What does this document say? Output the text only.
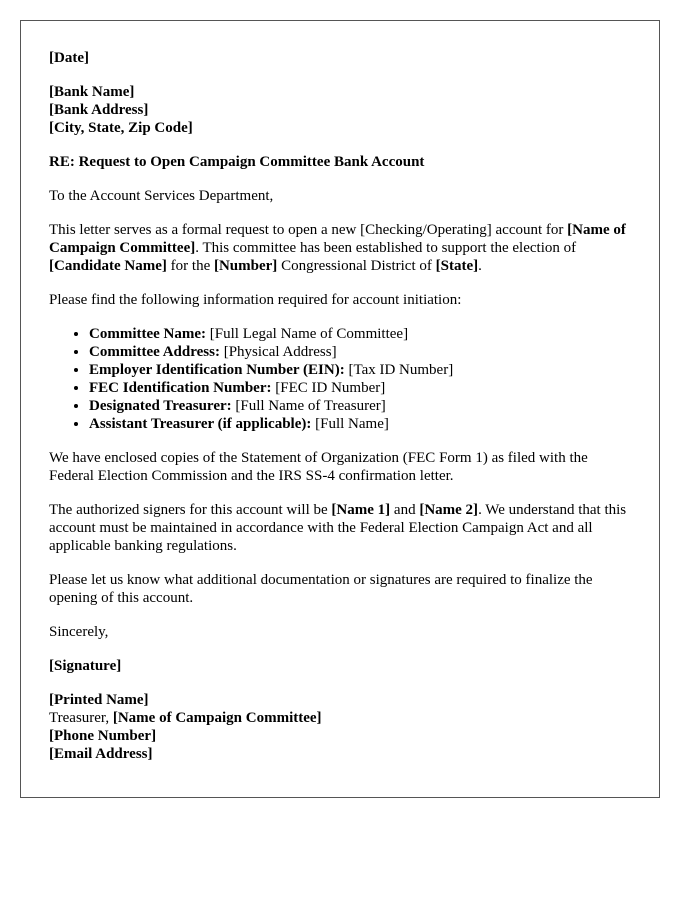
[Date]

[Bank Name]
[Bank Address]
[City, State, Zip Code]

RE: Request to Open Campaign Committee Bank Account

To the Account Services Department,

This letter serves as a formal request to open a new [Checking/Operating] account for [Name of Campaign Committee]. This committee has been established to support the election of [Candidate Name] for the [Number] Congressional District of [State].

Please find the following information required for account initiation:

• Committee Name: [Full Legal Name of Committee]
• Committee Address: [Physical Address]
• Employer Identification Number (EIN): [Tax ID Number]
• FEC Identification Number: [FEC ID Number]
• Designated Treasurer: [Full Name of Treasurer]
• Assistant Treasurer (if applicable): [Full Name]

We have enclosed copies of the Statement of Organization (FEC Form 1) as filed with the Federal Election Commission and the IRS SS-4 confirmation letter.

The authorized signers for this account will be [Name 1] and [Name 2]. We understand that this account must be maintained in accordance with the Federal Election Campaign Act and all applicable banking regulations.

Please let us know what additional documentation or signatures are required to finalize the opening of this account.

Sincerely,

[Signature]

[Printed Name]
Treasurer, [Name of Campaign Committee]
[Phone Number]
[Email Address]
